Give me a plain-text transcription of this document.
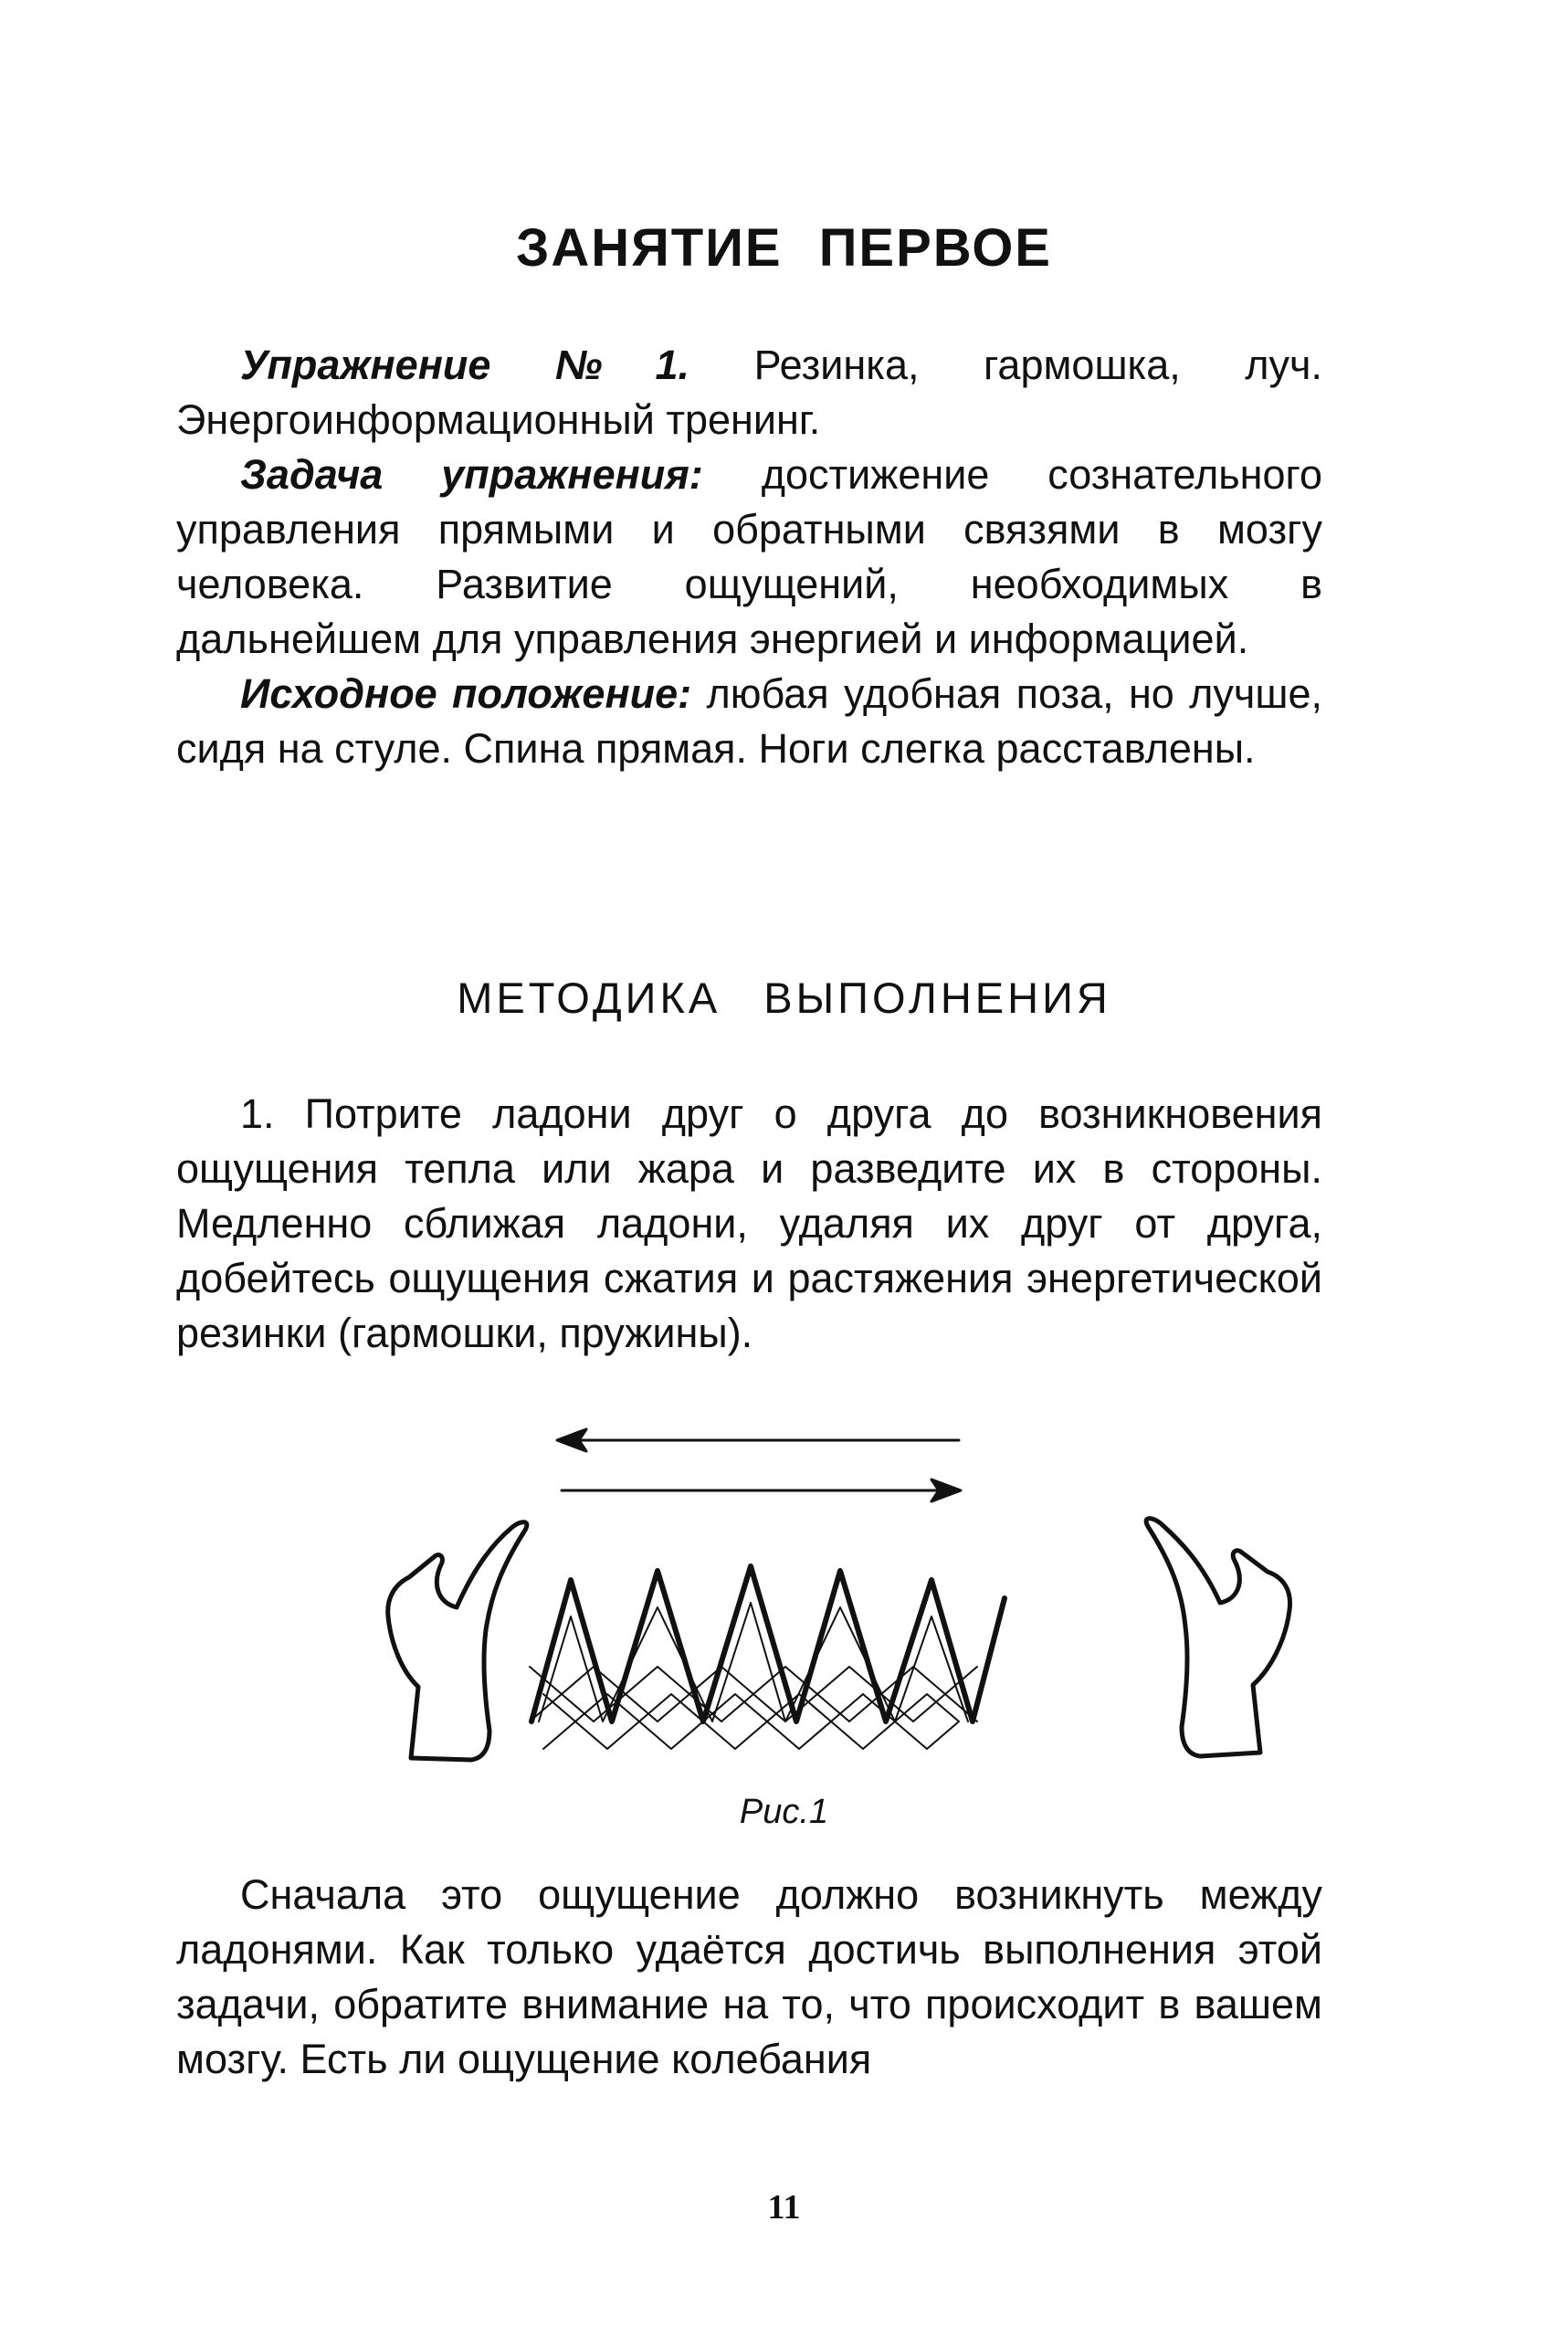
ЗАНЯТИЕ ПЕРВОЕ

Упражнение №1. Резинка, гармошка, луч. Энергоинформационный тренинг.

Задача упражнения: достижение сознательного управления прямыми и обратными связями в мозгу человека. Развитие ощущений, необходимых в дальнейшем для управления энергией и информацией.

Исходное положение: любая удобная поза, но лучше, сидя на стуле. Спина прямая. Ноги слегка расставлены.

МЕТОДИКА ВЫПОЛНЕНИЯ

1. Потрите ладони друг о друга до возникновения ощущения тепла или жара и разведите их в стороны. Медленно сближая ладони, удаляя их друг от друга, добейтесь ощущения сжатия и растяжения энергетической резинки (гармошки, пружины).

Рис.1

Сначала это ощущение должно возникнуть между ладонями. Как только удаётся достичь выполнения этой задачи, обратите внимание на то, что происходит в вашем мозгу. Есть ли ощущение колебания

11
